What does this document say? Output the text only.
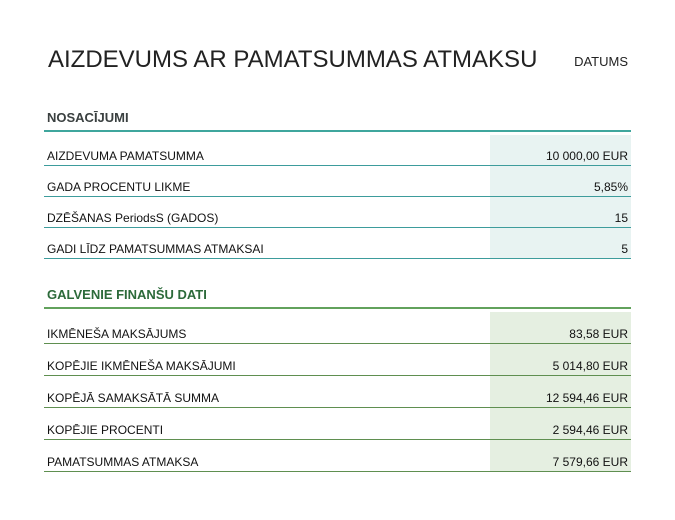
AIZDEVUMS AR PAMATSUMMAS ATMAKSU	DATUMS
NOSACĪJUMI
10 000,00 EUR
AIZDEVUMA PAMATSUMMA
5,85%
GADA PROCENTU LIKME
15
DZĒŠANAS PeriodsS (GADOS)
5
GADI LĪDZ PAMATSUMMAS ATMAKSAI
GALVENIE FINANŠU DATI
83,58 EUR
IKMĒNEŠA MAKSĀJUMS
5 014,80 EUR
KOPĒJIE IKMĒNEŠA MAKSĀJUMI
12 594,46 EUR
KOPĒJĀ SAMAKSĀTĀ SUMMA
2 594,46 EUR
KOPĒJIE PROCENTI
7 579,66 EUR
PAMATSUMMAS ATMAKSA
